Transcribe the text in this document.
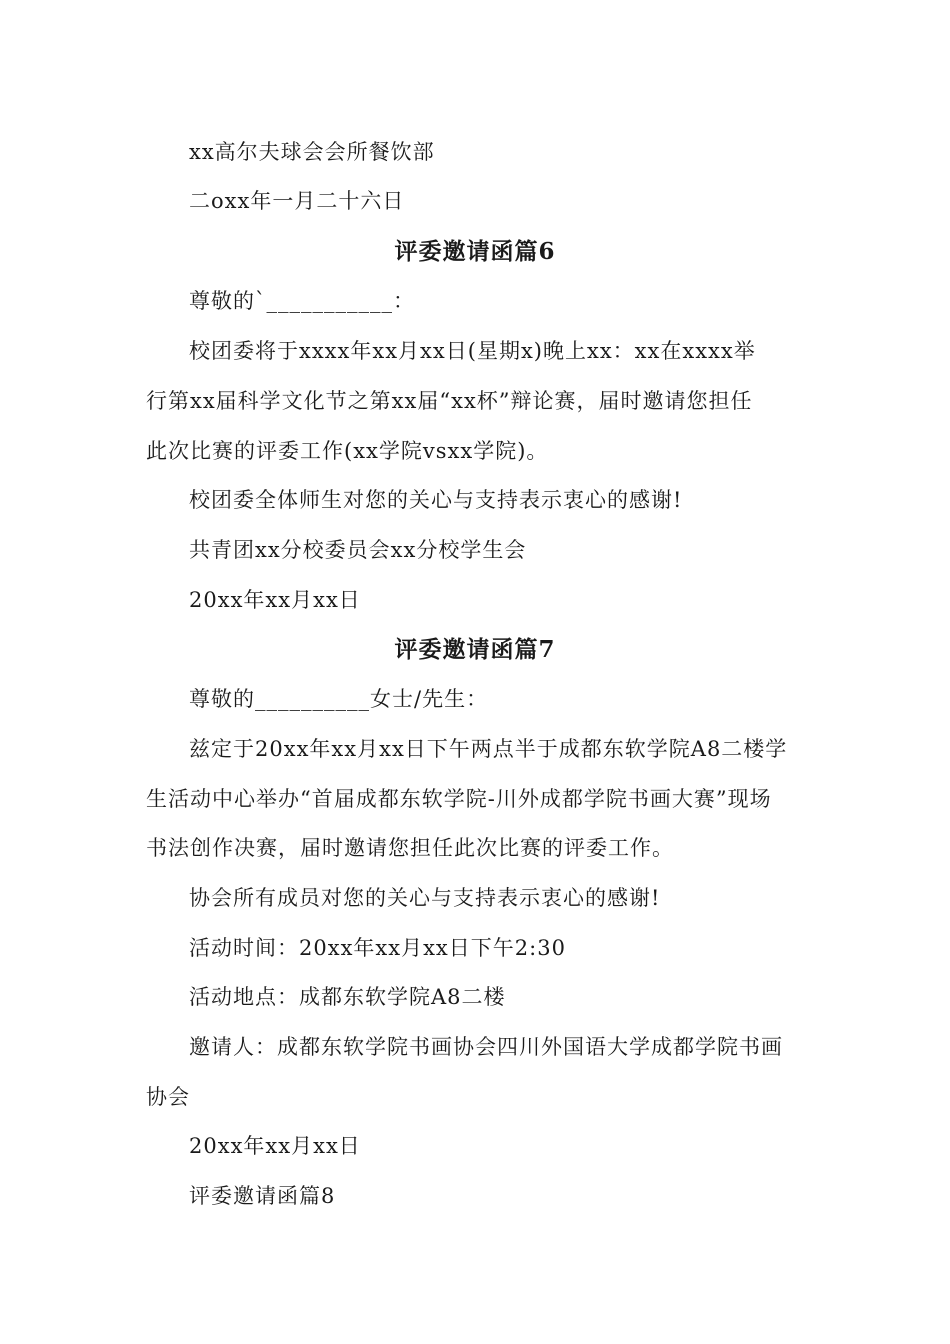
xx高尔夫球会会所餐饮部
二oxx年一月二十六日
评委邀请函篇6
尊敬的`___________：
校团委将于xxxx年xx月xx日(星期x)晚上xx：xx在xxxx举
行第xx届科学文化节之第xx届“xx杯”辩论赛，届时邀请您担任
此次比赛的评委工作(xx学院vsxx学院)。
校团委全体师生对您的关心与支持表示衷心的感谢!
共青团xx分校委员会xx分校学生会
20xx年xx月xx日
评委邀请函篇7
尊敬的__________女士/先生：
兹定于20xx年xx月xx日下午两点半于成都东软学院A8二楼学
生活动中心举办“首届成都东软学院-川外成都学院书画大赛”现场
书法创作决赛，届时邀请您担任此次比赛的评委工作。
协会所有成员对您的关心与支持表示衷心的感谢!
活动时间：20xx年xx月xx日下午2:30
活动地点：成都东软学院A8二楼
邀请人：成都东软学院书画协会四川外国语大学成都学院书画
协会
20xx年xx月xx日
评委邀请函篇8
